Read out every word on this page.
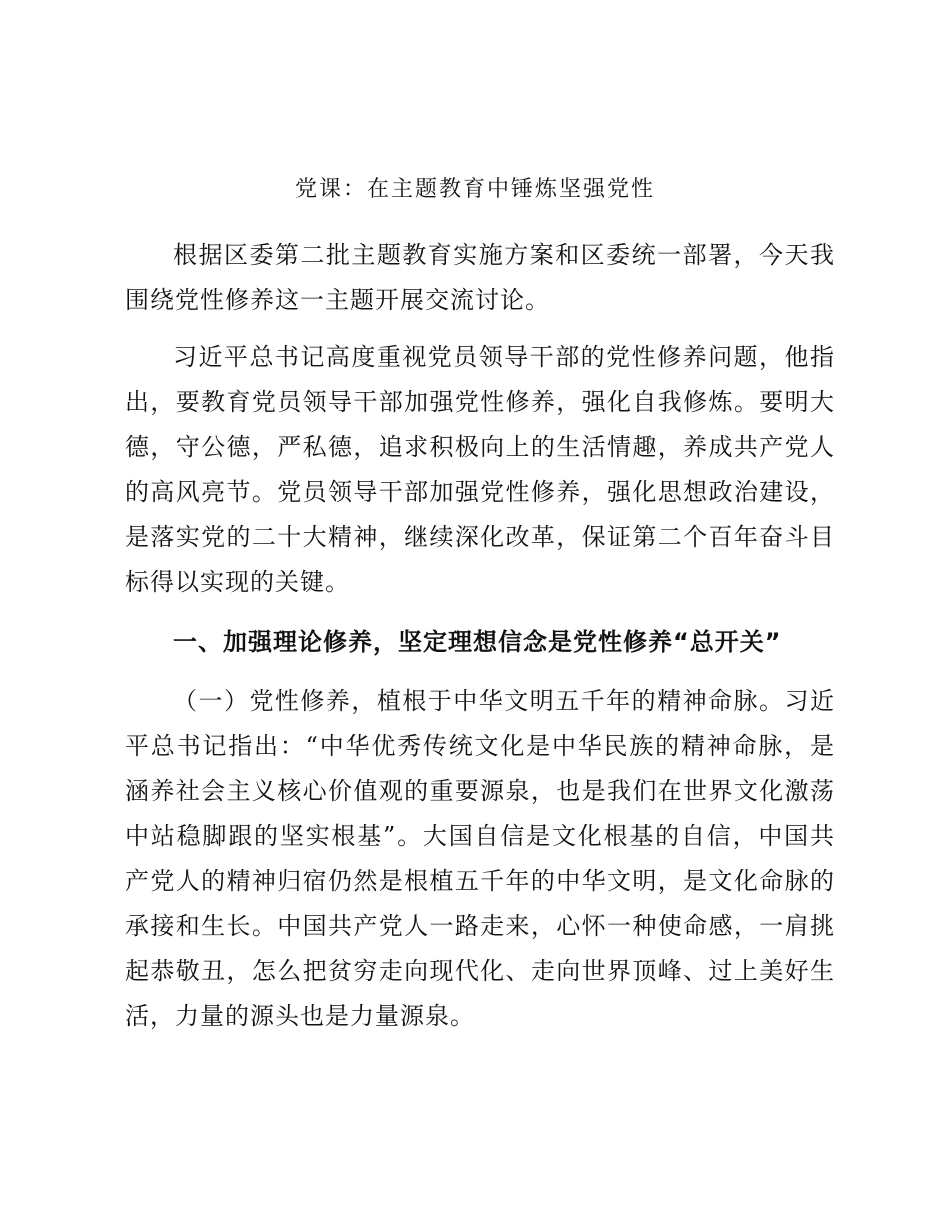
党课：在主题教育中锤炼坚强党性

根据区委第二批主题教育实施方案和区委统一部署，今天我围绕党性修养这一主题开展交流讨论。

习近平总书记高度重视党员领导干部的党性修养问题，他指出，要教育党员领导干部加强党性修养，强化自我修炼。要明大德，守公德，严私德，追求积极向上的生活情趣，养成共产党人的高风亮节。党员领导干部加强党性修养，强化思想政治建设，是落实党的二十大精神，继续深化改革，保证第二个百年奋斗目标得以实现的关键。

一、加强理论修养，坚定理想信念是党性修养“总开关”

（一）党性修养，植根于中华文明五千年的精神命脉。习近平总书记指出：“中华优秀传统文化是中华民族的精神命脉，是涵养社会主义核心价值观的重要源泉，也是我们在世界文化激荡中站稳脚跟的坚实根基”。大国自信是文化根基的自信，中国共产党人的精神归宿仍然是根植五千年的中华文明，是文化命脉的承接和生长。中国共产党人一路走来，心怀一种使命感，一肩挑起恭敬丑，怎么把贫穷走向现代化、走向世界顶峰、过上美好生活，力量的源头也是力量源泉。
